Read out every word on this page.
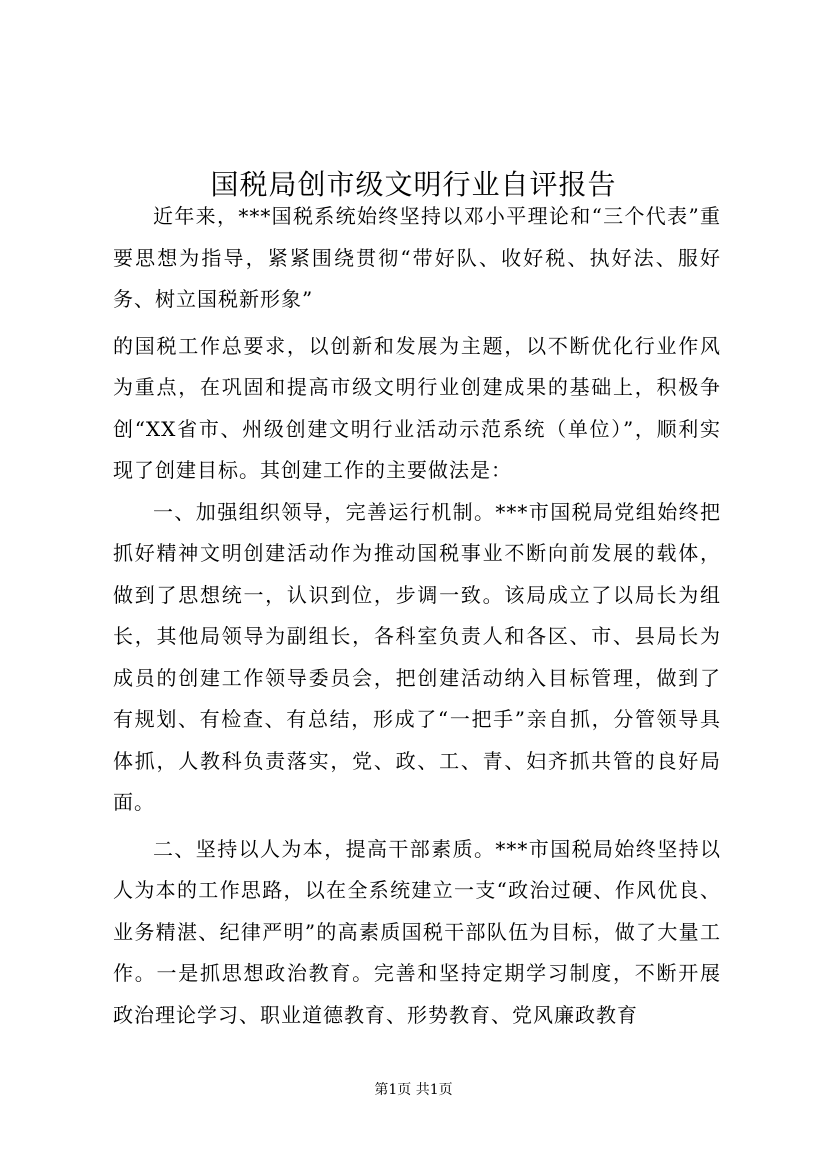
国税局创市级文明行业自评报告

近年来，***国税系统始终坚持以邓小平理论和“三个代表”重要思想为指导，紧紧围绕贯彻“带好队、收好税、执好法、服好务、树立国税新形象”

的国税工作总要求，以创新和发展为主题，以不断优化行业作风为重点，在巩固和提高市级文明行业创建成果的基础上，积极争创“XX省市、州级创建文明行业活动示范系统（单位）”，顺利实现了创建目标。其创建工作的主要做法是：

一、加强组织领导，完善运行机制。***市国税局党组始终把抓好精神文明创建活动作为推动国税事业不断向前发展的载体，做到了思想统一，认识到位，步调一致。该局成立了以局长为组长，其他局领导为副组长，各科室负责人和各区、市、县局长为成员的创建工作领导委员会，把创建活动纳入目标管理，做到了有规划、有检查、有总结，形成了“一把手”亲自抓，分管领导具体抓，人教科负责落实，党、政、工、青、妇齐抓共管的良好局面。

二、坚持以人为本，提高干部素质。***市国税局始终坚持以人为本的工作思路，以在全系统建立一支“政治过硬、作风优良、业务精湛、纪律严明”的高素质国税干部队伍为目标，做了大量工作。一是抓思想政治教育。完善和坚持定期学习制度，不断开展政治理论学习、职业道德教育、形势教育、党风廉政教育

第1页 共1页
